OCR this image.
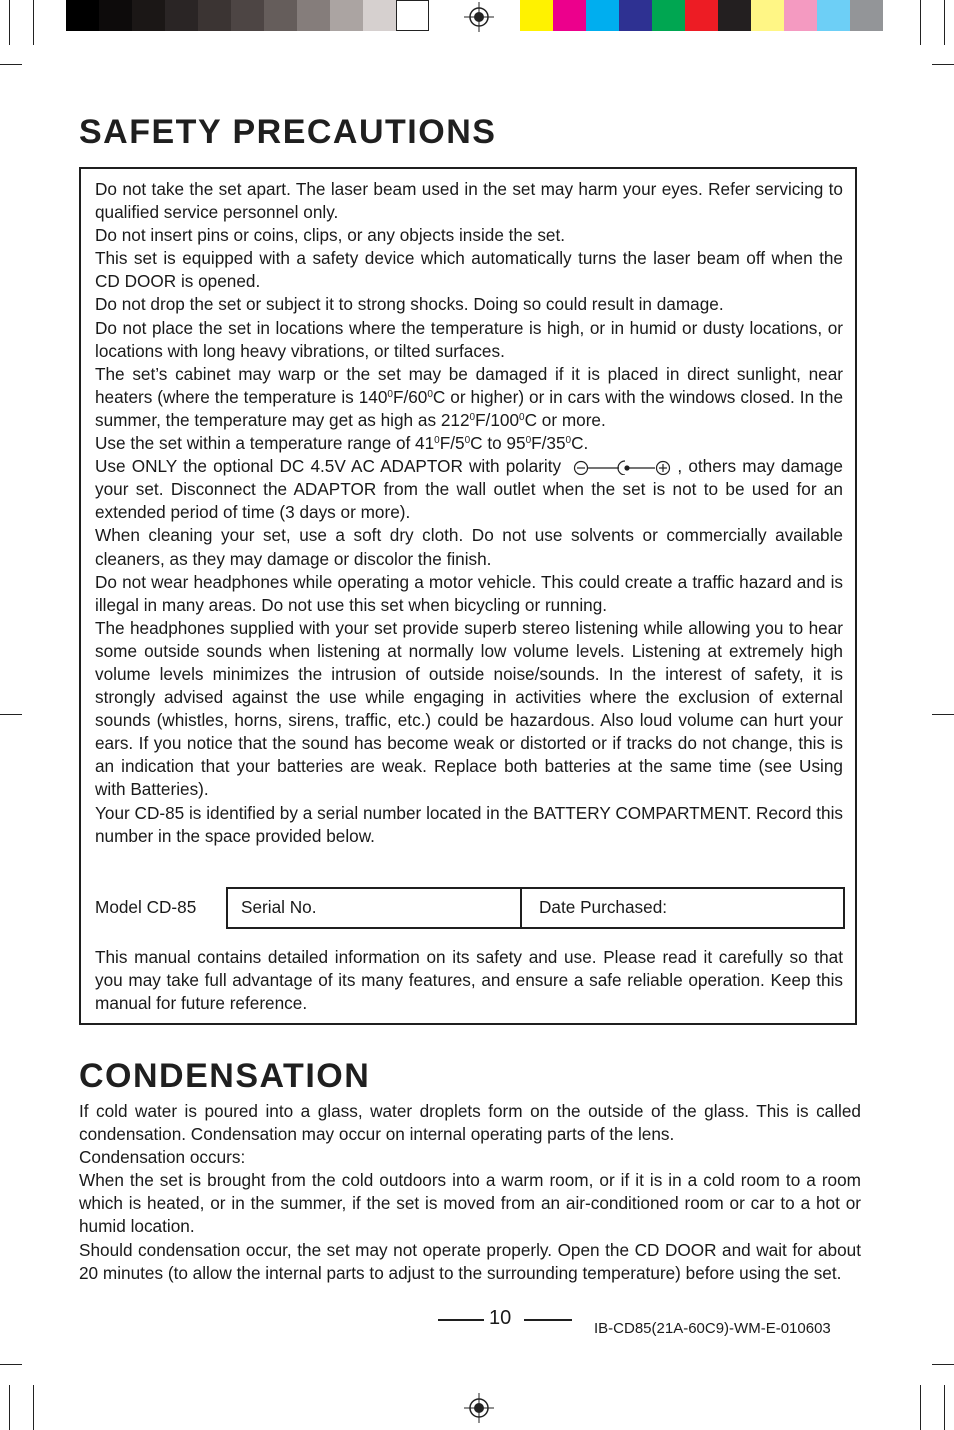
SAFETY PRECAUTIONS

Do not take the set apart. The laser beam used in the set may harm your eyes. Refer servicing to qualified service personnel only.

Do not insert pins or coins, clips, or any objects inside the set.

This set is equipped with a safety device which automatically turns the laser beam off when the CD DOOR is opened.

Do not drop the set or subject it to strong shocks. Doing so could result in damage.

Do not place the set in locations where the temperature is high, or in humid or dusty locations, or locations with long heavy vibrations, or tilted surfaces.

The set’s cabinet may warp or the set may be damaged if it is placed in direct sunlight, near heaters (where the temperature is $140^0F/60^0C$ or higher) or in cars with the windows closed. In the summer, the temperature may get as high as $212^0F/100^0C$ or more.

Use the set within a temperature range of $41^0F/5^0C$ to $95^0F/35^0C$.

Use ONLY the optional DC 4.5V AC ADAPTOR with polarity	, others may damage your set. Disconnect the ADAPTOR from the wall outlet when the set is not to be used for an extended period of time (3 days or more).

When cleaning your set, use a soft dry cloth. Do not use solvents or commercially available cleaners, as they may damage or discolor the finish.

Do not wear headphones while operating a motor vehicle. This could create a traffic hazard and is illegal in many areas. Do not use this set when bicycling or running.

The headphones supplied with your set provide superb stereo listening while allowing you to hear some outside sounds when listening at normally low volume levels. Listening at extremely high volume levels minimizes the intrusion of outside noise/sounds. In the interest of safety, it is strongly advised against the use while engaging in activities where the exclusion of external sounds (whistles, horns, sirens, traffic, etc.) could be hazardous. Also loud volume can hurt your ears. If you notice that the sound has become weak or distorted or if tracks do not change, this is an indication that your batteries are weak. Replace both batteries at the same time (see Using with Batteries).

Your CD-85 is identified by a serial number located in the BATTERY COMPARTMENT. Record this number in the space provided below.

Model CD-85	Serial No.	Date Purchased:
This manual contains detailed information on its safety and use. Please read it carefully so that you may take full advantage of its many features, and ensure a safe reliable operation. Keep this manual for future reference.
CONDENSATION

If cold water is poured into a glass, water droplets form on the outside of the glass. This is called condensation. Condensation may occur on internal operating parts of the lens.

Condensation occurs:

When the set is brought from the cold outdoors into a warm room, or if it is in a cold room to a room which is heated, or in the summer, if the set is moved from an air-conditioned room or car to a hot or humid location.

Should condensation occur, the set may not operate properly. Open the CD DOOR and wait for about 20 minutes (to allow the internal parts to adjust to the surrounding temperature) before using the set.

10	IB-CD85(21A-60C9)-WM-E-010603
